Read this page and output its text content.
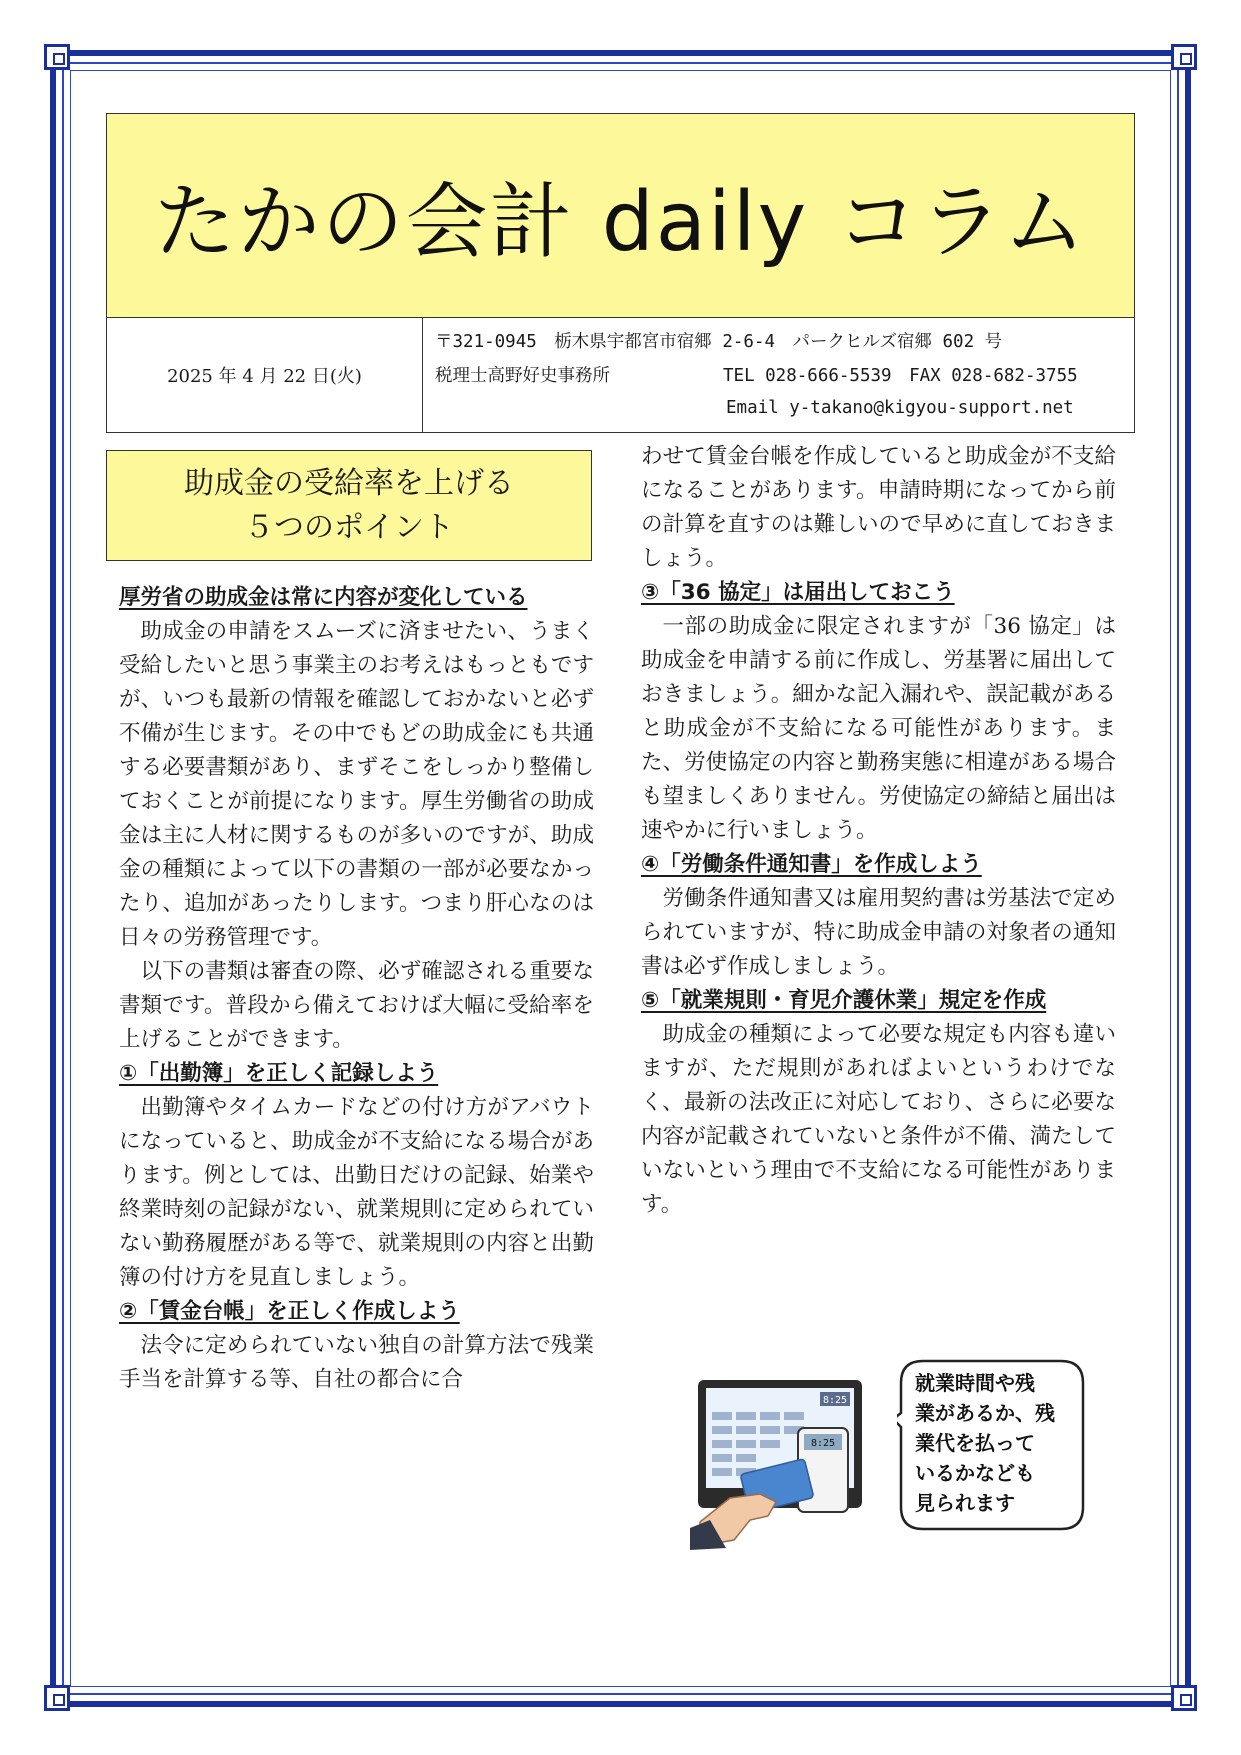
たかの会計 daily コラム
2025 年 4 月 22 日(火)
〒321-0945　栃木県宇都宮市宿郷 2-6-4　パークヒルズ宿郷 602 号
税理士高野好史事務所	TEL 028-666-5539　FAX 028-682-3755
Email y-takano@kigyou-support.net
助成金の受給率を上げる
５つのポイント
厚労省の助成金は常に内容が変化している

助成金の申請をスムーズに済ませたい、うまく受給したいと思う事業主のお考えはもっともですが、いつも最新の情報を確認しておかないと必ず不備が生じます。その中でもどの助成金にも共通する必要書類があり、まずそこをしっかり整備しておくことが前提になります。厚生労働省の助成金は主に人材に関するものが多いのですが、助成金の種類によって以下の書類の一部が必要なかったり、追加があったりします。つまり肝心なのは日々の労務管理です。

以下の書類は審査の際、必ず確認される重要な書類です。普段から備えておけば大幅に受給率を上げることができます。

①「出勤簿」を正しく記録しよう

出勤簿やタイムカードなどの付け方がアバウトになっていると、助成金が不支給になる場合があります。例としては、出勤日だけの記録、始業や終業時刻の記録がない、就業規則に定められていない勤務履歴がある等で、就業規則の内容と出勤簿の付け方を見直しましょう。

②「賃金台帳」を正しく作成しよう

法令に定められていない独自の計算方法で残業手当を計算する等、自社の都合に合

わせて賃金台帳を作成していると助成金が不支給になることがあります。申請時期になってから前の計算を直すのは難しいので早めに直しておきましょう。

③「36 協定」は届出しておこう

一部の助成金に限定されますが「36 協定」は助成金を申請する前に作成し、労基署に届出しておきましょう。細かな記入漏れや、誤記載があると助成金が不支給になる可能性があります。また、労使協定の内容と勤務実態に相違がある場合も望ましくありません。労使協定の締結と届出は速やかに行いましょう。

④「労働条件通知書」を作成しよう

労働条件通知書又は雇用契約書は労基法で定められていますが、特に助成金申請の対象者の通知書は必ず作成しましょう。

⑤「就業規則・育児介護休業」規定を作成

助成金の種類によって必要な規定も内容も違いますが、ただ規則があればよいというわけでなく、最新の法改正に対応しており、さらに必要な内容が記載されていないと条件が不備、満たしていないという理由で不支給になる可能性があります。

8:25
8:25
就業時間や残
業があるか、残
業代を払って
いるかなども
見られます
